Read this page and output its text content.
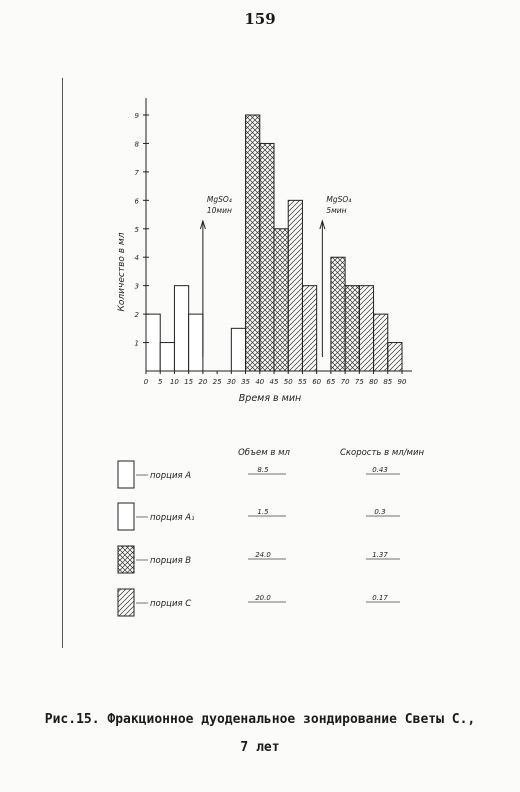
159
1
2
3
4
5
6
7
8
9
0 5 10 15 20 25 30 35 40 45 50 55 60 65 70 75 80 85 90
Время в мин
Количество в мл
MgSO₄
10мин
MgSO₄
5мин
Объем в мл	Скорость в мл/мин
порция A
8.5	0.43
порция A₁
1.5	0.3
порция B
24.0	1.37
порция C
20.0	0.17
Рис.15. Фракционное дуоденальное зондирование Светы С.,
7 лет
